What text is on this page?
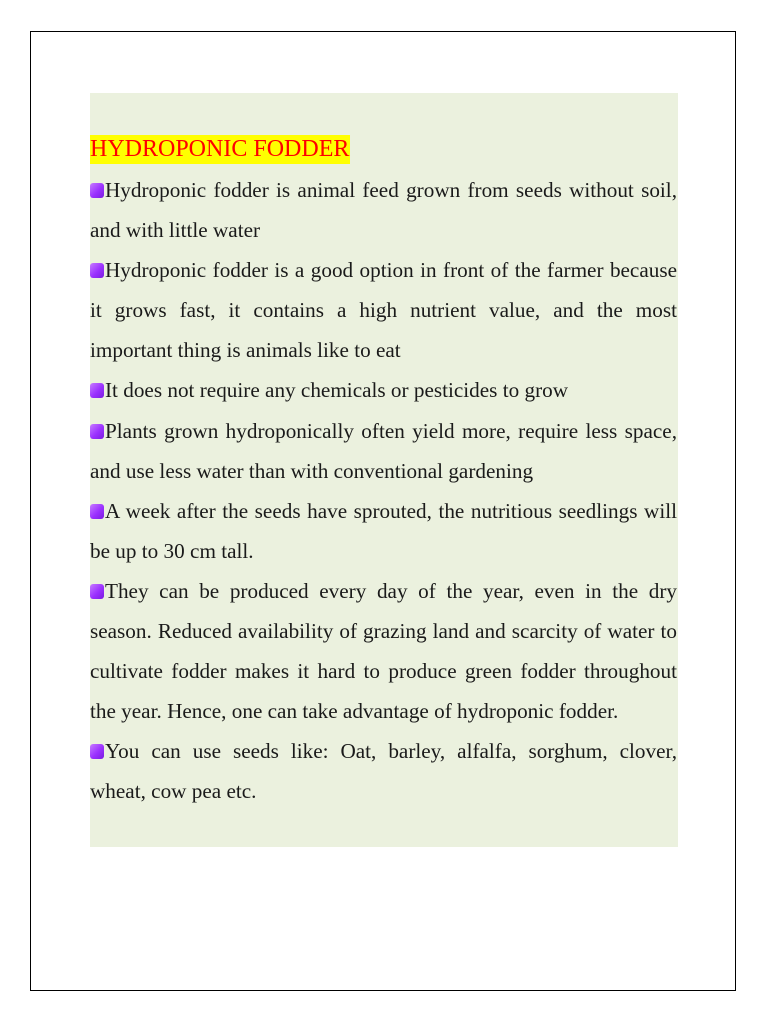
HYDROPONIC FODDER
Hydroponic fodder is animal feed grown from seeds without soil, and with little water
Hydroponic fodder is a good option in front of the farmer because it grows fast, it contains a high nutrient value, and the most important thing is animals like to eat
It does not require any chemicals or pesticides to grow
Plants grown hydroponically often yield more, require less space, and use less water than with conventional gardening
A week after the seeds have sprouted, the nutritious seedlings will be up to 30 cm tall.
They can be produced every day of the year, even in the dry season. Reduced availability of grazing land and scarcity of water to cultivate fodder makes it hard to produce green fodder throughout the year. Hence, one can take advantage of hydroponic fodder.
You can use seeds like: Oat, barley, alfalfa, sorghum, clover, wheat, cow pea etc.
